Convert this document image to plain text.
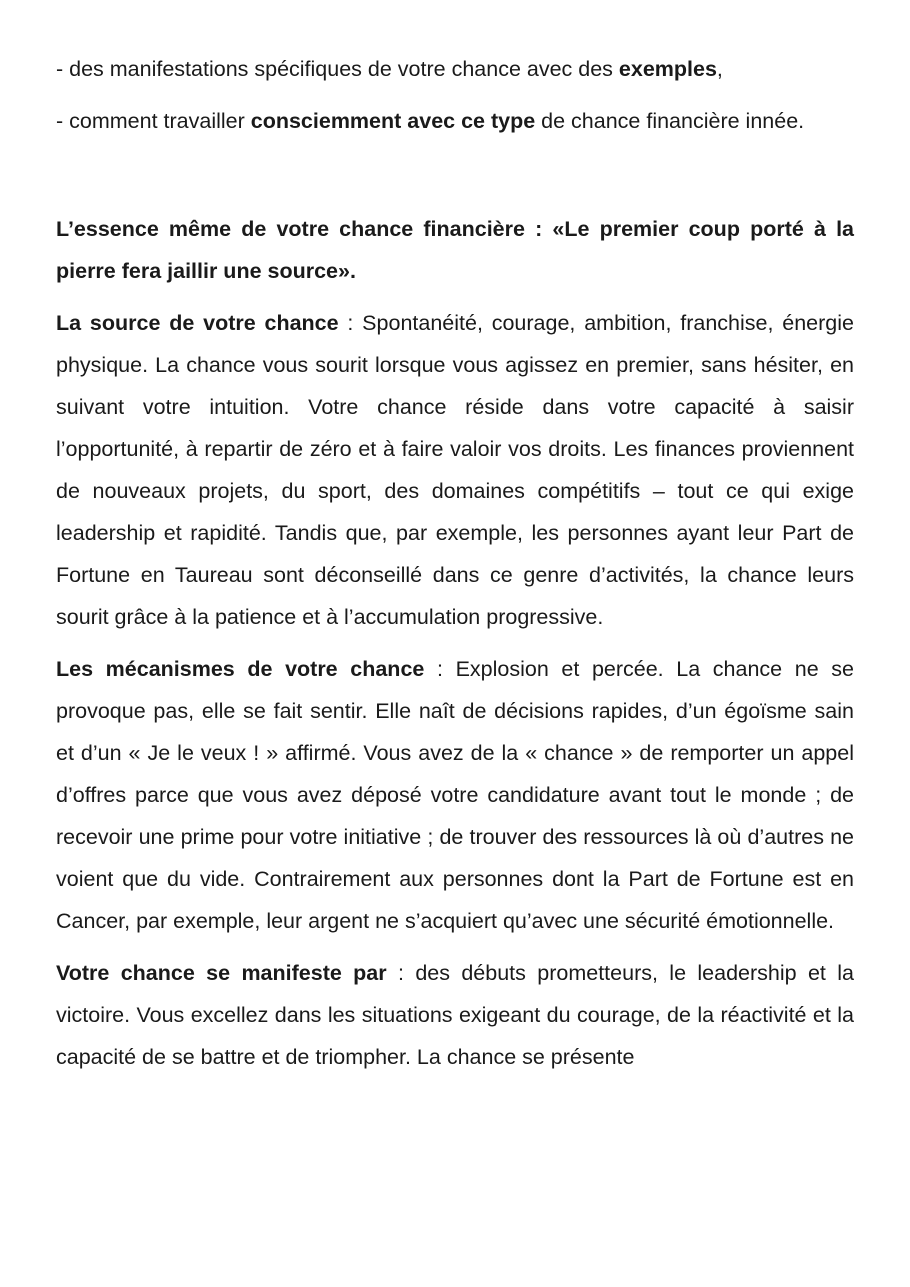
- des manifestations spécifiques de votre chance avec des exemples,

- comment travailler consciemment avec ce type de chance financière innée.

L’essence même de votre chance financière : «Le premier coup porté à la pierre fera jaillir une source».

La source de votre chance : Spontanéité, courage, ambition, franchise, énergie physique. La chance vous sourit lorsque vous agissez en premier, sans hésiter, en suivant votre intuition. Votre chance réside dans votre capacité à saisir l’opportunité, à repartir de zéro et à faire valoir vos droits. Les finances proviennent de nouveaux projets, du sport, des domaines compétitifs – tout ce qui exige leadership et rapidité. Tandis que, par exemple, les personnes ayant leur Part de Fortune en Taureau sont déconseillé dans ce genre d’activités, la chance leurs sourit grâce à la patience et à l’accumulation progressive.

Les mécanismes de votre chance : Explosion et percée. La chance ne se provoque pas, elle se fait sentir. Elle naît de décisions rapides, d’un égoïsme sain et d’un « Je le veux ! » affirmé. Vous avez de la « chance » de remporter un appel d’offres parce que vous avez déposé votre candidature avant tout le monde ; de recevoir une prime pour votre initiative ; de trouver des ressources là où d’autres ne voient que du vide. Contrairement aux personnes dont la Part de Fortune est en Cancer, par exemple, leur argent ne s’acquiert qu’avec une sécurité émotionnelle.

Votre chance se manifeste par : des débuts prometteurs, le leadership et la victoire. Vous excellez dans les situations exigeant du courage, de la réactivité et la capacité de se battre et de triompher. La chance se présente
